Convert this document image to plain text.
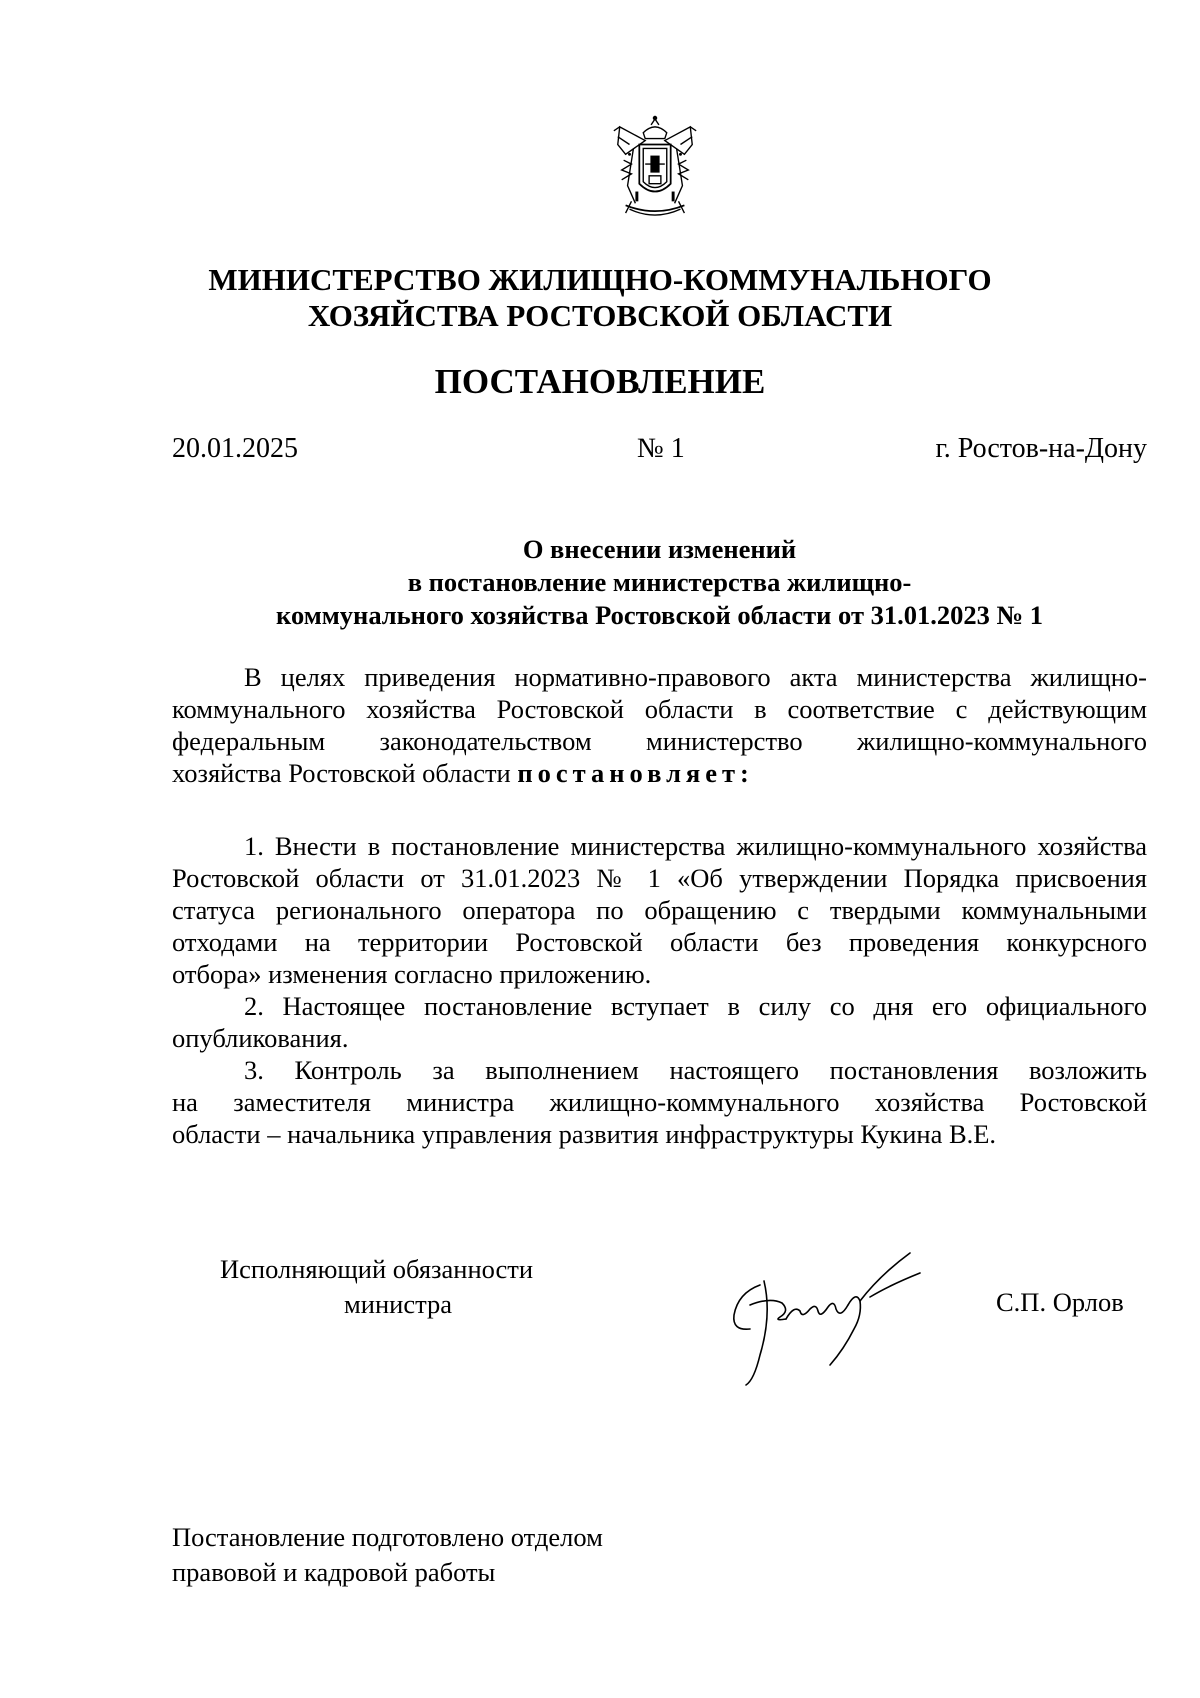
МИНИСТЕРСТВО ЖИЛИЩНО-КОММУНАЛЬНОГО
ХОЗЯЙСТВА РОСТОВСКОЙ ОБЛАСТИ
ПОСТАНОВЛЕНИЕ
20.01.2025	№ 1	г. Ростов-на-Дону
О внесении изменений
в постановление министерства жилищно-
коммунального хозяйства Ростовской области от 31.01.2023 № 1
В целях приведения нормативно-правового акта министерства жилищно-
коммунального хозяйства Ростовской области в соответствие с действующим
федеральным законодательством министерство жилищно-коммунального
хозяйства Ростовской области постановляет:
1. Внести в постановление министерства жилищно-коммунального хозяйства
Ростовской области от 31.01.2023 № 1 «Об утверждении Порядка присвоения
статуса регионального оператора по обращению с твердыми коммунальными
отходами на территории Ростовской области без проведения конкурсного
отбора» изменения согласно приложению.
2. Настоящее постановление вступает в силу со дня его официального
опубликования.
3. Контроль за выполнением настоящего постановления возложить
на заместителя министра жилищно-коммунального хозяйства Ростовской
области – начальника управления развития инфраструктуры Кукина В.Е.
Исполняющий обязанности
министра	С.П. Орлов
Постановление подготовлено отделом
правовой и кадровой работы
